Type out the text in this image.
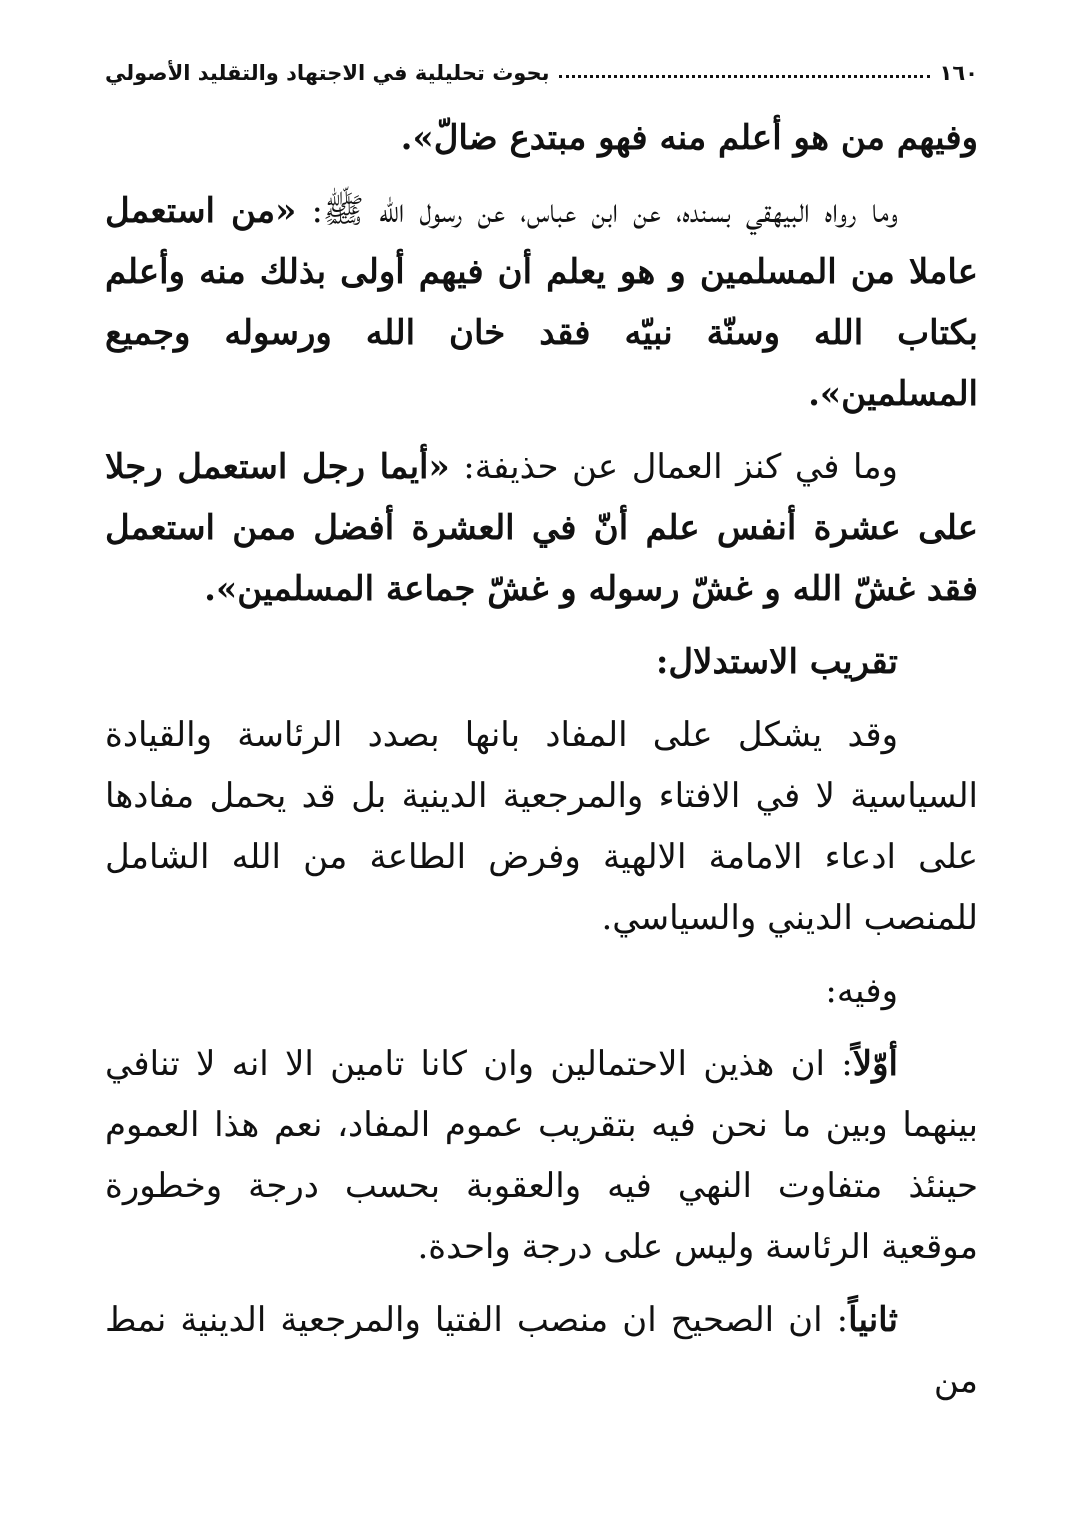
١٦٠
بحوث تحليلية في الاجتهاد والتقليد الأصولي

وفيهم من هو أعلم منه فهو مبتدع ضالّ».

وما رواه البيهقي بسنده، عن ابن عباس، عن رسول الله ﷺ: «من استعمل عاملا من المسلمين و هو يعلم أن فيهم أولى بذلك منه وأعلم بكتاب الله وسنّة نبيّه فقد خان الله ورسوله وجميع المسلمين».

وما في كنز العمال عن حذيفة: «أيما رجل استعمل رجلا على عشرة أنفس علم أنّ في العشرة أفضل ممن استعمل فقد غشّ الله و غشّ رسوله و غشّ جماعة المسلمين».

تقريب الاستدلال:

وقد يشكل على المفاد بانها بصدد الرئاسة والقيادة السياسية لا في الافتاء والمرجعية الدينية بل قد يحمل مفادها على ادعاء الامامة الالهية وفرض الطاعة من الله الشامل للمنصب الديني والسياسي.

وفيه:

أوّلاً: ان هذين الاحتمالين وان كانا تامين الا انه لا تنافي بينهما وبين ما نحن فيه بتقريب عموم المفاد، نعم هذا العموم حينئذ متفاوت النهي فيه والعقوبة بحسب درجة وخطورة موقعية الرئاسة وليس على درجة واحدة.

ثانياً: ان الصحيح ان منصب الفتيا والمرجعية الدينية نمط من
